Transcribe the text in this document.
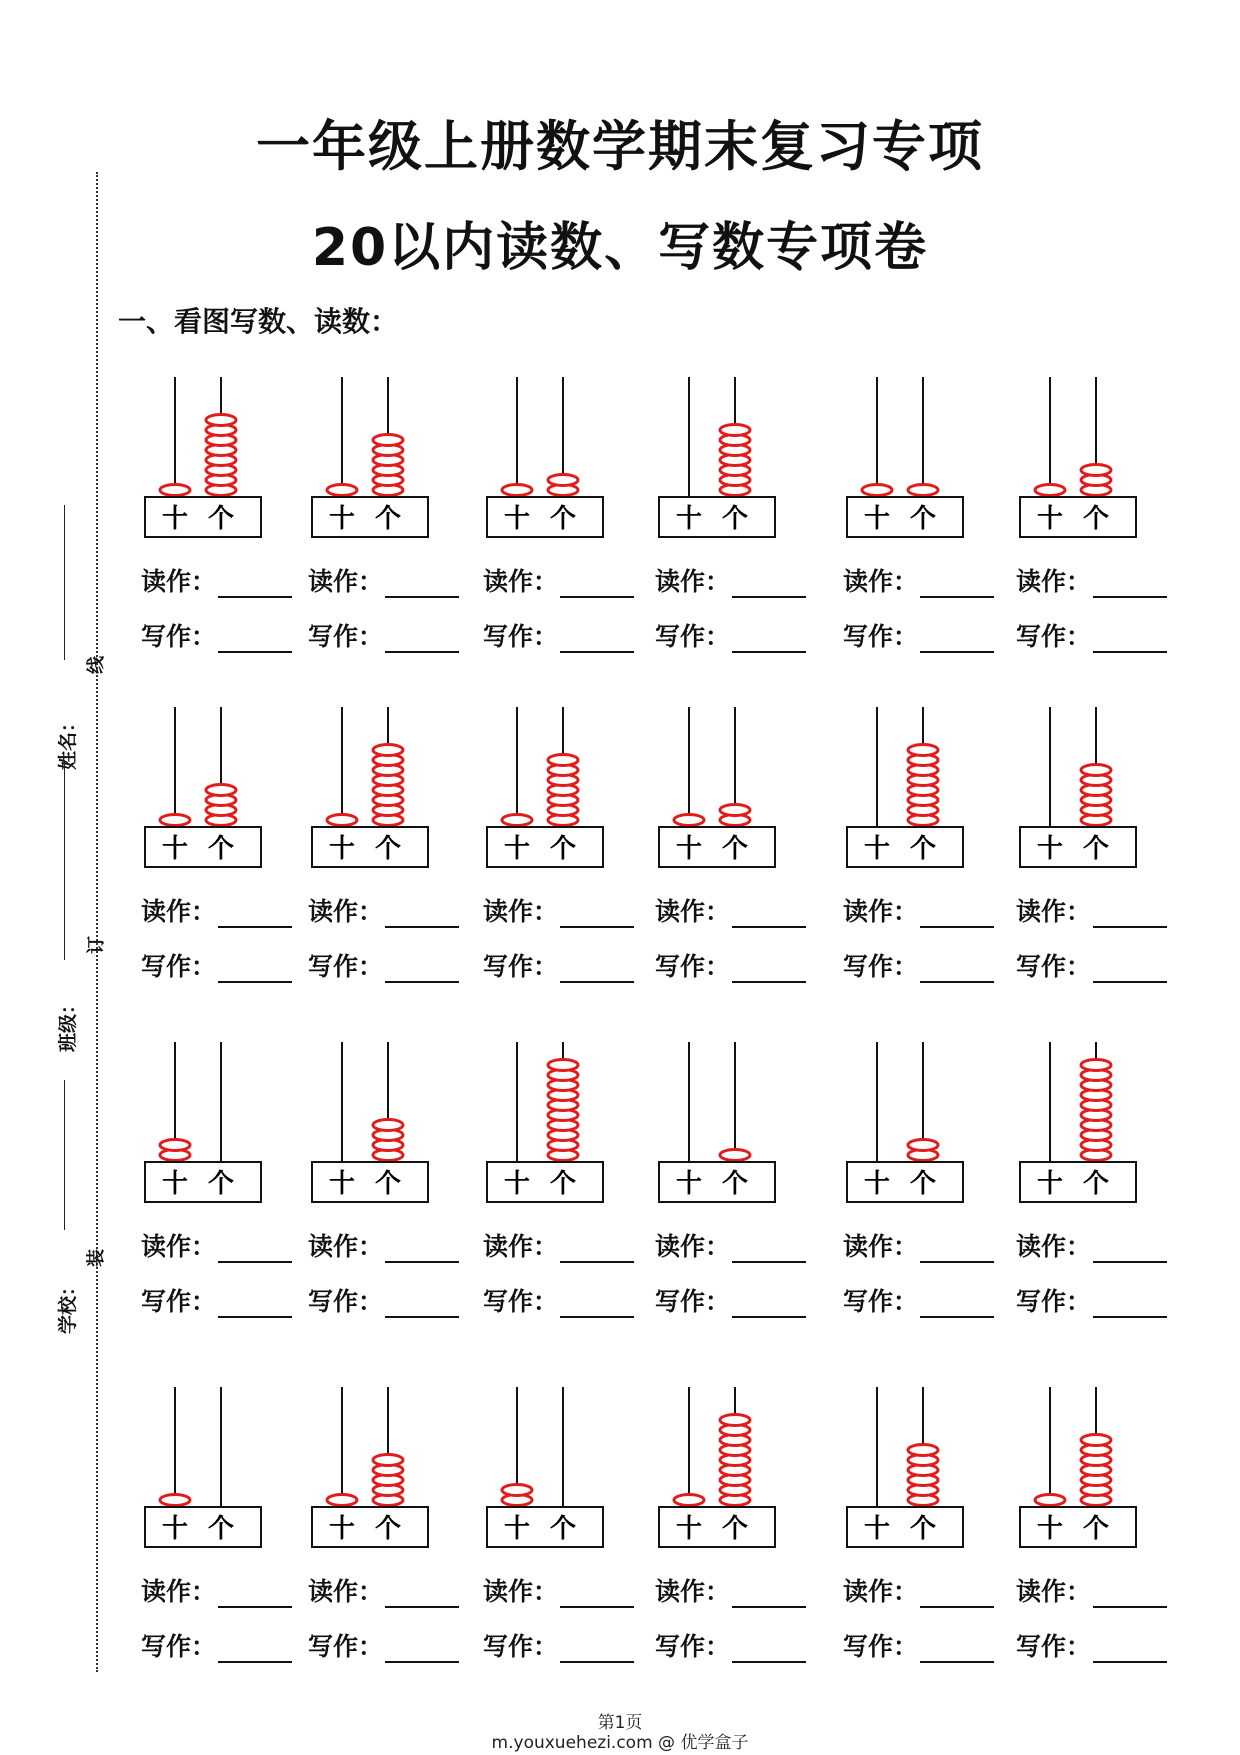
一年级上册数学期末复习专项
20以内读数、写数专项卷
一、看图写数、读数：
姓名：
班级：
学校：
线
订
装
十 个
读作：
写作：
十 个
读作：
写作：
十 个
读作：
写作：
十 个
读作：
写作：
十 个
读作：
写作：
十 个
读作：
写作：
十 个
读作：
写作：
十 个
读作：
写作：
十 个
读作：
写作：
十 个
读作：
写作：
十 个
读作：
写作：
十 个
读作：
写作：
十 个
读作：
写作：
十 个
读作：
写作：
十 个
读作：
写作：
十 个
读作：
写作：
十 个
读作：
写作：
十 个
读作：
写作：
十 个
读作：
写作：
十 个
读作：
写作：
十 个
读作：
写作：
十 个
读作：
写作：
十 个
读作：
写作：
十 个
读作：
写作：
第1页
m.youxuehezi.com @ 优学盒子
